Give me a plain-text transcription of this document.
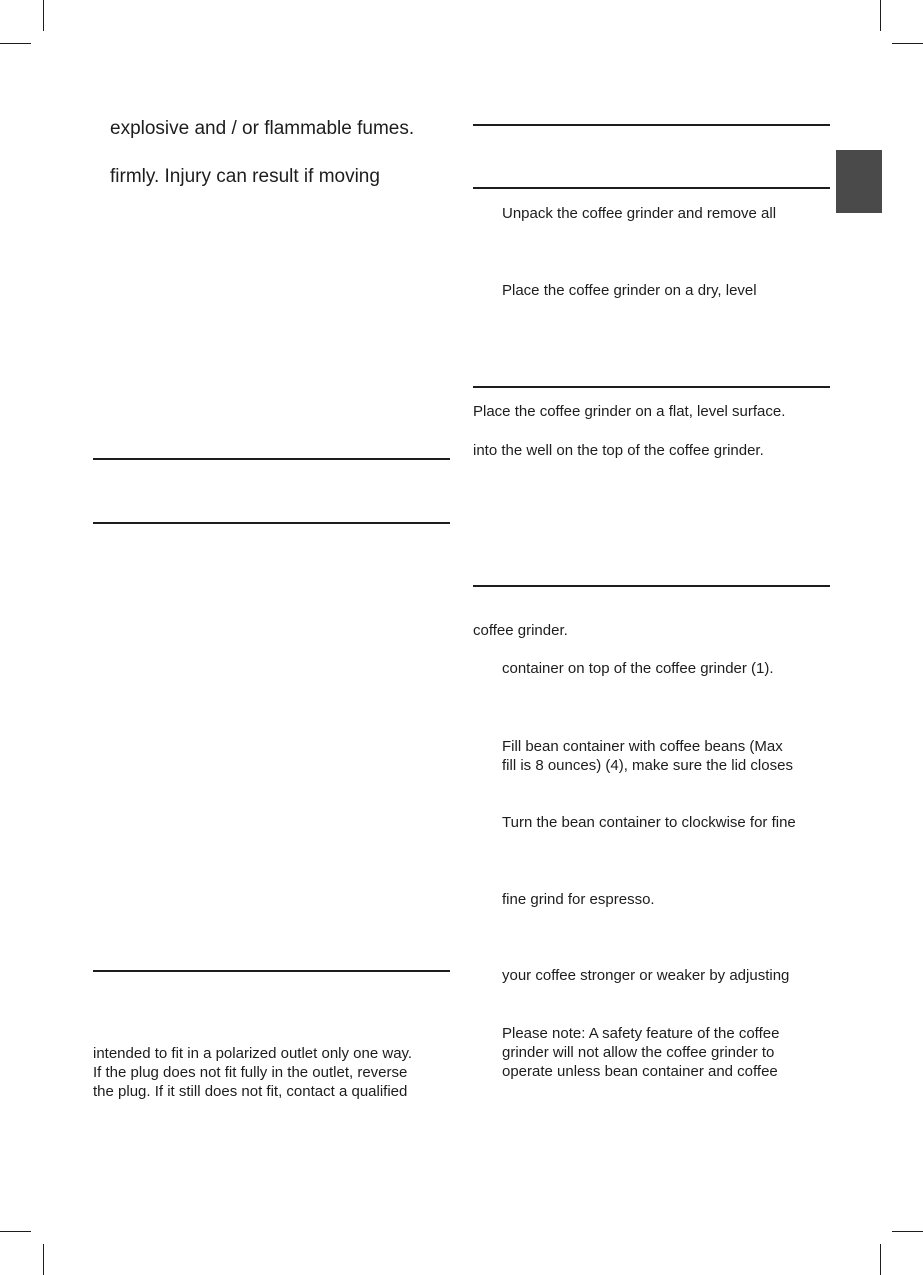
explosive and / or flammable fumes.
firmly. Injury can result if moving
intended to fit in a polarized outlet only one way.
If the plug does not fit fully in the outlet, reverse
the plug. If it still does not fit, contact a qualified
Unpack the coffee grinder and remove all
Place the coffee grinder on a dry, level
Place the coffee grinder on a flat, level surface.
into the well on the top of the coffee grinder.
coffee grinder.
container on top of the coffee grinder (1).
Fill bean container with coffee beans (Max
fill is 8 ounces) (4), make sure the lid closes
Turn the bean container to clockwise for fine
fine grind for espresso.
your coffee stronger or weaker by adjusting
Please note: A safety feature of the coffee
grinder will not allow the coffee grinder to
operate unless bean container and coffee
